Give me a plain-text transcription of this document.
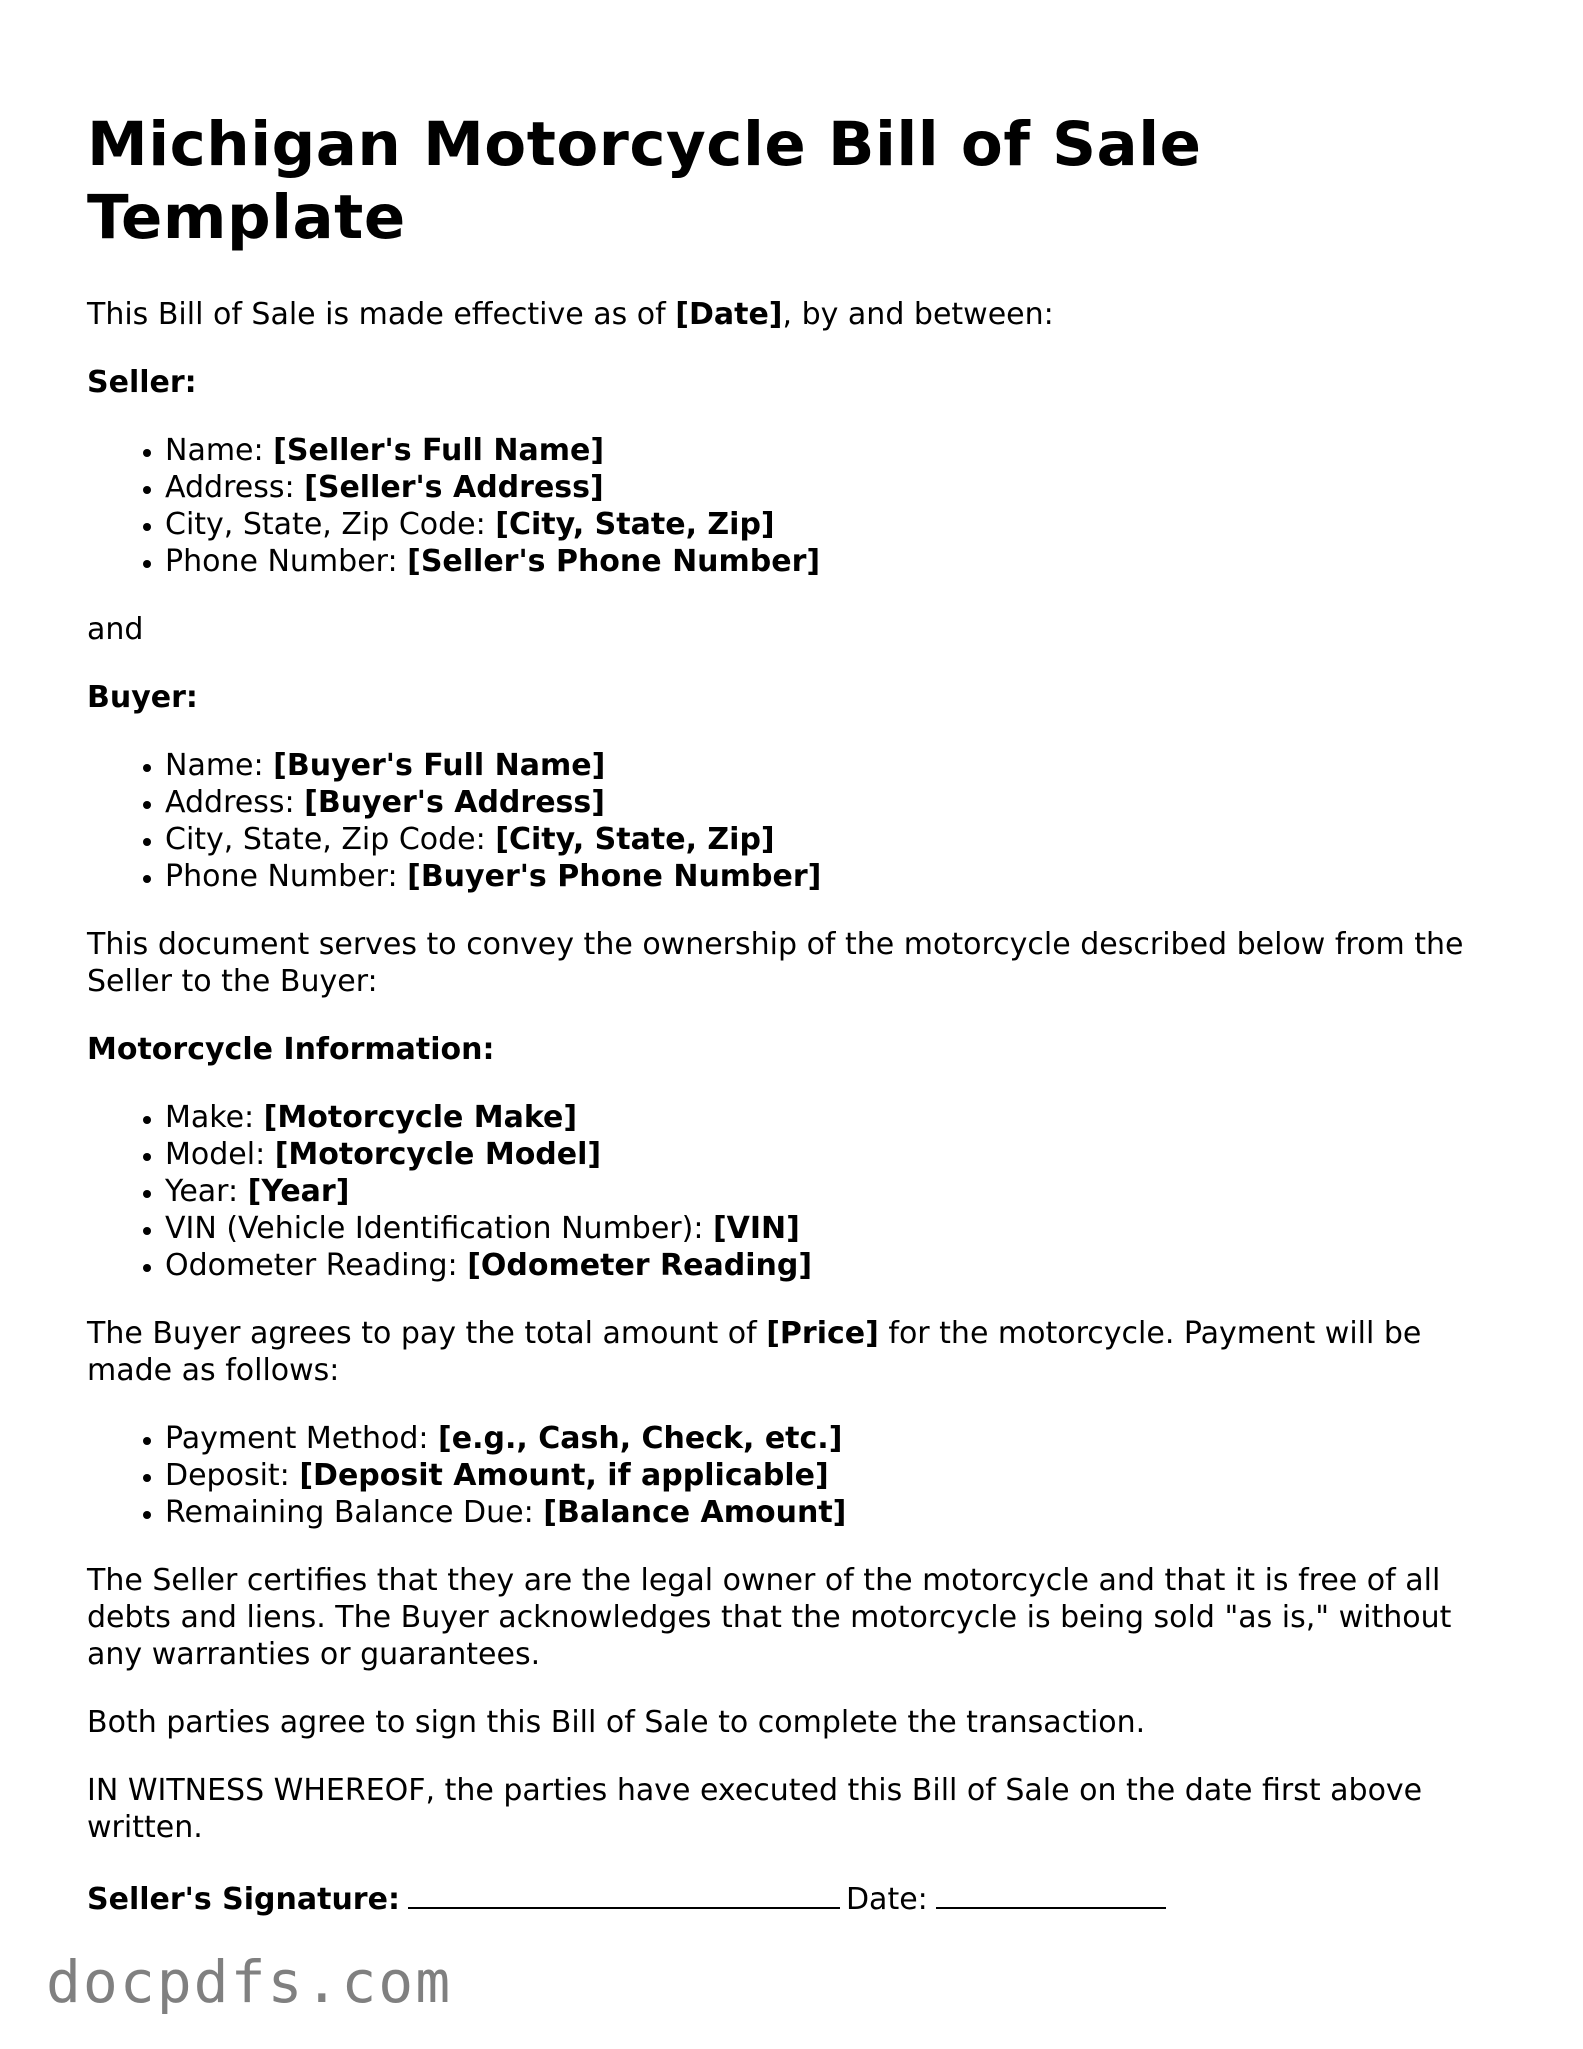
Michigan Motorcycle Bill of Sale Template

This Bill of Sale is made effective as of [Date], by and between:

Seller:

• Name: [Seller's Full Name]
• Address: [Seller's Address]
• City, State, Zip Code: [City, State, Zip]
• Phone Number: [Seller's Phone Number]

and

Buyer:

• Name: [Buyer's Full Name]
• Address: [Buyer's Address]
• City, State, Zip Code: [City, State, Zip]
• Phone Number: [Buyer's Phone Number]

This document serves to convey the ownership of the motorcycle described below from the Seller to the Buyer:

Motorcycle Information:

• Make: [Motorcycle Make]
• Model: [Motorcycle Model]
• Year: [Year]
• VIN (Vehicle Identification Number): [VIN]
• Odometer Reading: [Odometer Reading]

The Buyer agrees to pay the total amount of [Price] for the motorcycle. Payment will be made as follows:

• Payment Method: [e.g., Cash, Check, etc.]
• Deposit: [Deposit Amount, if applicable]
• Remaining Balance Due: [Balance Amount]

The Seller certifies that they are the legal owner of the motorcycle and that it is free of all debts and liens. The Buyer acknowledges that the motorcycle is being sold "as is," without any warranties or guarantees.

Both parties agree to sign this Bill of Sale to complete the transaction.

IN WITNESS WHEREOF, the parties have executed this Bill of Sale on the date first above written.

Seller's Signature:	Date:

docpdfs.com
